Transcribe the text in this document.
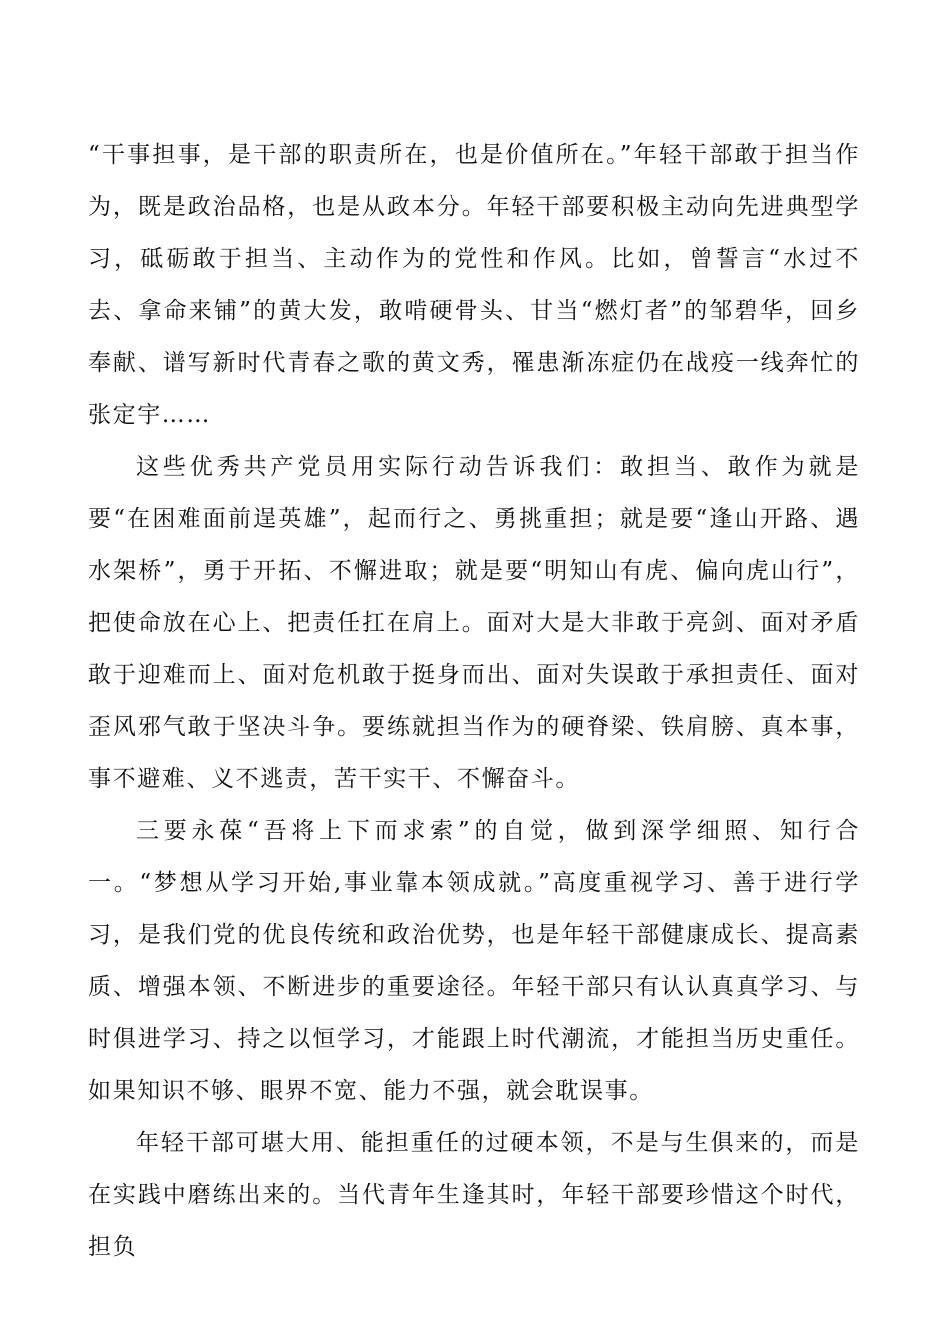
“干事担事，是干部的职责所在，也是价值所在。”年轻干部敢于担当作为，既是政治品格，也是从政本分。年轻干部要积极主动向先进典型学习，砥砺敢于担当、主动作为的党性和作风。比如，曾誓言“水过不去、拿命来铺”的黄大发，敢啃硬骨头、甘当“燃灯者”的邹碧华，回乡奉献、谱写新时代青春之歌的黄文秀，罹患渐冻症仍在战疫一线奔忙的张定宇……

这些优秀共产党员用实际行动告诉我们：敢担当、敢作为就是要“在困难面前逞英雄”，起而行之、勇挑重担；就是要“逢山开路、遇水架桥”，勇于开拓、不懈进取；就是要“明知山有虎、偏向虎山行”，把使命放在心上、把责任扛在肩上。面对大是大非敢于亮剑、面对矛盾敢于迎难而上、面对危机敢于挺身而出、面对失误敢于承担责任、面对歪风邪气敢于坚决斗争。要练就担当作为的硬脊梁、铁肩膀、真本事，事不避难、义不逃责，苦干实干、不懈奋斗。

三要永葆“吾将上下而求索”的自觉，做到深学细照、知行合一。“梦想从学习开始,事业靠本领成就。”高度重视学习、善于进行学习，是我们党的优良传统和政治优势，也是年轻干部健康成长、提高素质、增强本领、不断进步的重要途径。年轻干部只有认认真真学习、与时俱进学习、持之以恒学习，才能跟上时代潮流，才能担当历史重任。如果知识不够、眼界不宽、能力不强，就会耽误事。

年轻干部可堪大用、能担重任的过硬本领，不是与生俱来的，而是在实践中磨练出来的。当代青年生逢其时，年轻干部要珍惜这个时代，担负
